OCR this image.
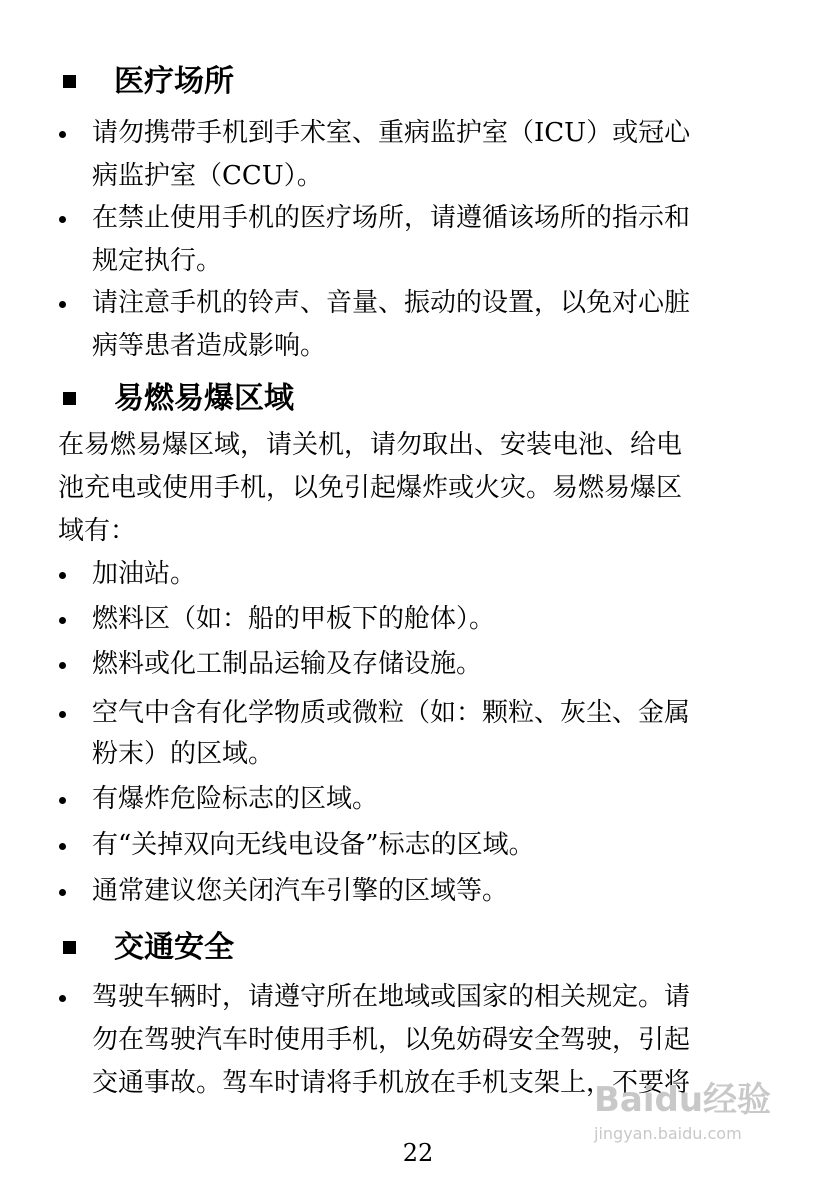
医疗场所
请勿携带手机到手术室、重病监护室（ICU）或冠心
病监护室（CCU）。
在禁止使用手机的医疗场所，请遵循该场所的指示和
规定执行。
请注意手机的铃声、音量、振动的设置，以免对心脏
病等患者造成影响。
易燃易爆区域
在易燃易爆区域，请关机，请勿取出、安装电池、给电
池充电或使用手机，以免引起爆炸或火灾。易燃易爆区
域有：
加油站。
燃料区（如：船的甲板下的舱体）。
燃料或化工制品运输及存储设施。
空气中含有化学物质或微粒（如：颗粒、灰尘、金属
粉末）的区域。
有爆炸危险标志的区域。
有“关掉双向无线电设备”标志的区域。
通常建议您关闭汽车引擎的区域等。
交通安全
驾驶车辆时，请遵守所在地域或国家的相关规定。请
勿在驾驶汽车时使用手机，以免妨碍安全驾驶，引起
交通事故。驾车时请将手机放在手机支架上，不要将
Baidu经验
jingyan.baidu.com
22
